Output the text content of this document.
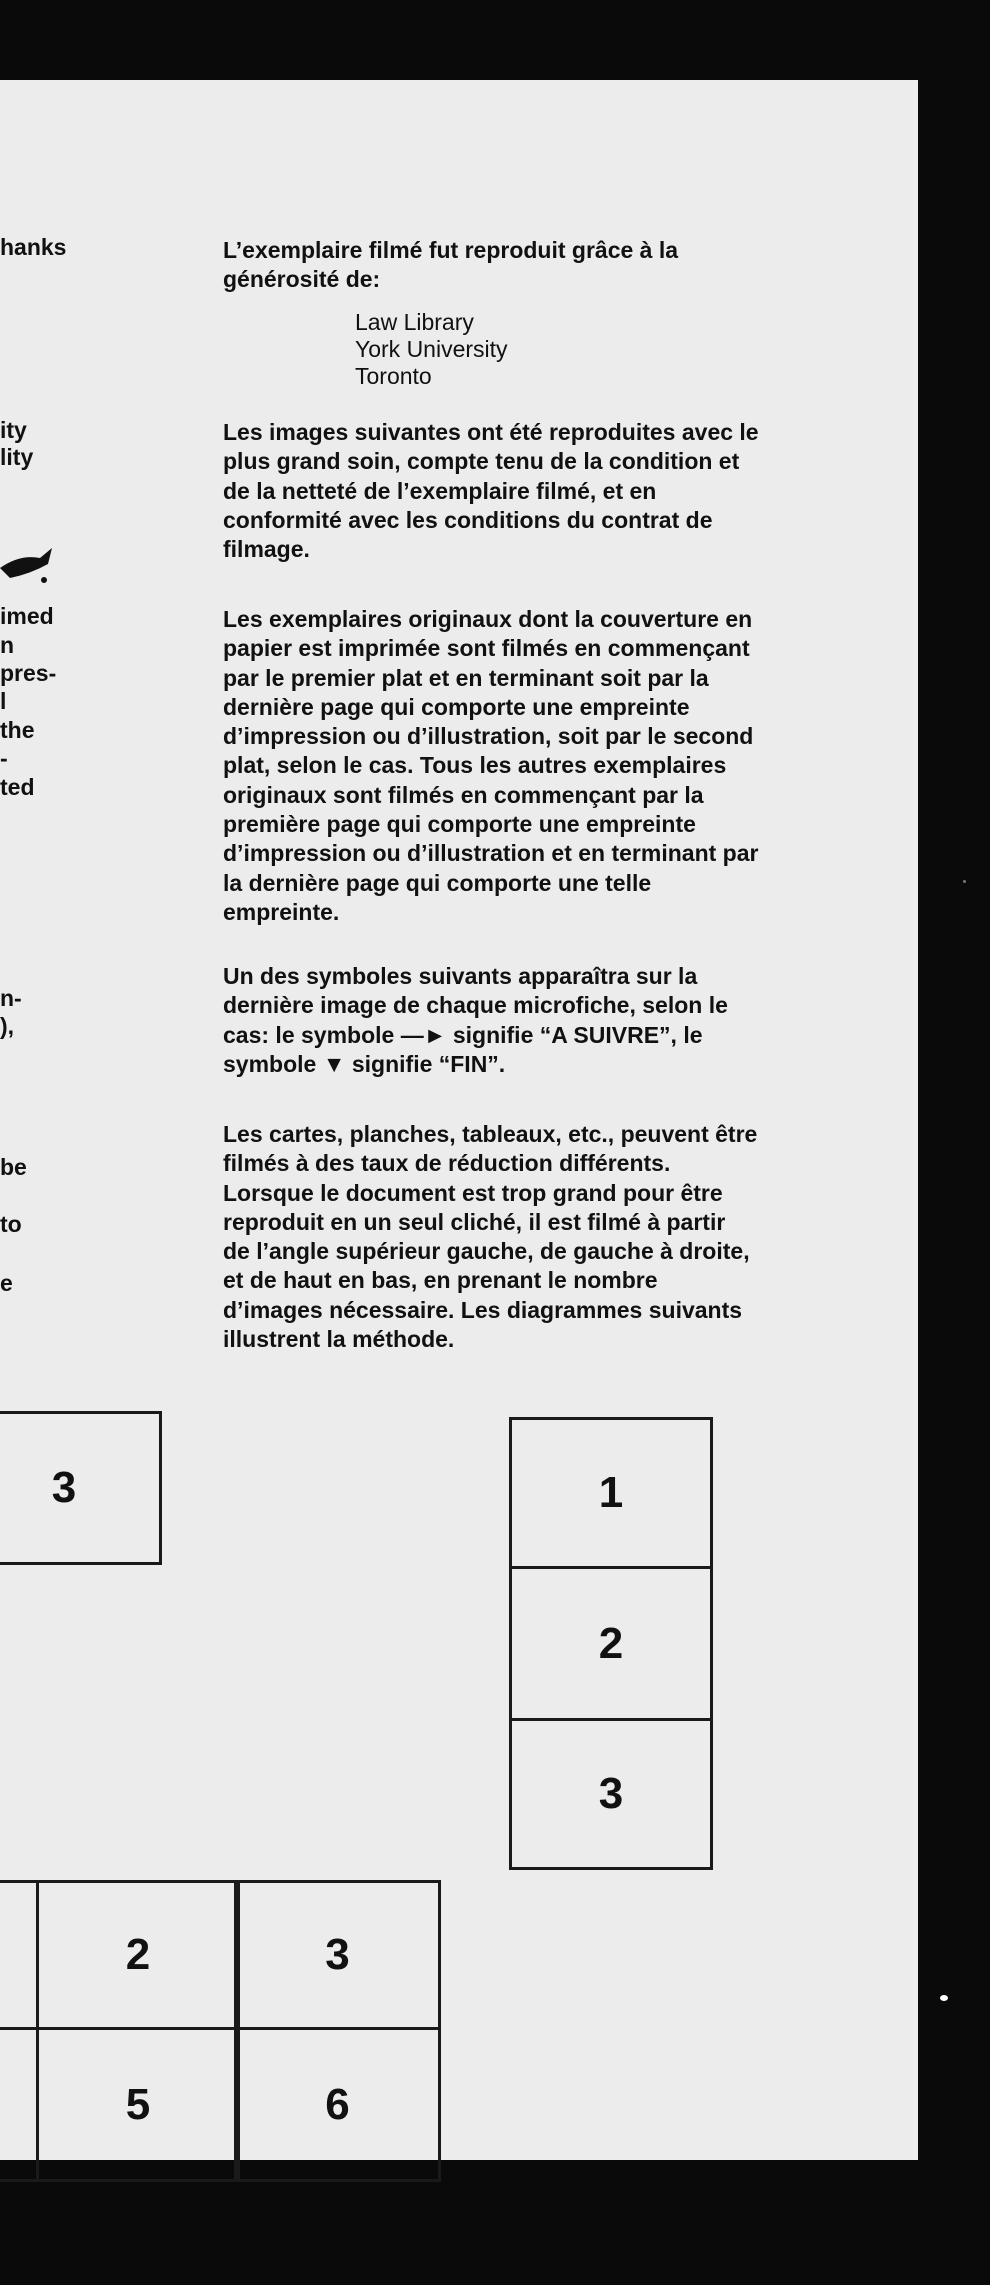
hanks
ity
lity
imed
n
pres-
l
the
-
ted
n-
),
be
to
e
L’exemplaire filmé fut reproduit grâce à la
générosité de:
Law Library
York University
Toronto
Les images suivantes ont été reproduites avec le
plus grand soin, compte tenu de la condition et
de la netteté de l’exemplaire filmé, et en
conformité avec les conditions du contrat de
filmage.
Les exemplaires originaux dont la couverture en
papier est imprimée sont filmés en commençant
par le premier plat et en terminant soit par la
dernière page qui comporte une empreinte
d’impression ou d’illustration, soit par le second
plat, selon le cas. Tous les autres exemplaires
originaux sont filmés en commençant par la
première page qui comporte une empreinte
d’impression ou d’illustration et en terminant par
la dernière page qui comporte une telle
empreinte.
Un des symboles suivants apparaîtra sur la
dernière image de chaque microfiche, selon le
cas: le symbole —► signifie “A SUIVRE”, le
symbole ▼ signifie “FIN”.
Les cartes, planches, tableaux, etc., peuvent être
filmés à des taux de réduction différents.
Lorsque le document est trop grand pour être
reproduit en un seul cliché, il est filmé à partir
de l’angle supérieur gauche, de gauche à droite,
et de haut en bas, en prenant le nombre
d’images nécessaire. Les diagrammes suivants
illustrent la méthode.
3	1
2
3
2	3
5	6
